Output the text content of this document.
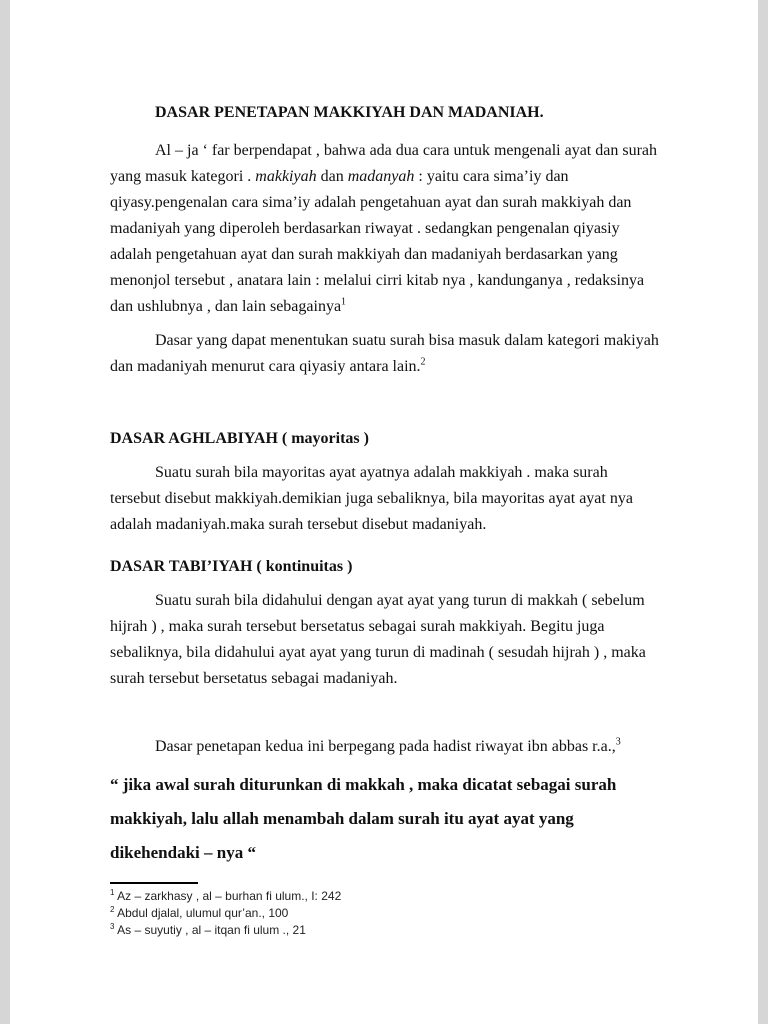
DASAR PENETAPAN MAKKIYAH DAN MADANIAH.

Al – ja ‘ far berpendapat , bahwa ada dua cara untuk mengenali ayat dan surah yang masuk kategori . makkiyah dan madanyah : yaitu cara sima’iy dan qiyasy.pengenalan cara sima’iy adalah pengetahuan ayat dan surah makkiyah dan madaniyah yang diperoleh berdasarkan riwayat . sedangkan pengenalan qiyasiy adalah pengetahuan ayat dan surah makkiyah dan madaniyah berdasarkan yang menonjol tersebut , anatara lain : melalui cirri kitab nya , kandunganya , redaksinya dan ushlubnya , dan lain sebagainya$^1$

Dasar yang dapat menentukan suatu surah bisa masuk dalam kategori makiyah dan madaniyah menurut cara qiyasiy antara lain.$^2$

DASAR AGHLABIYAH ( mayoritas )

Suatu surah bila mayoritas ayat ayatnya adalah makkiyah . maka surah tersebut disebut makkiyah.demikian juga sebaliknya, bila mayoritas ayat ayat nya adalah madaniyah.maka surah tersebut disebut madaniyah.

DASAR TABI’IYAH ( kontinuitas )

Suatu surah bila didahului dengan ayat ayat yang turun di makkah ( sebelum hijrah ) , maka surah tersebut bersetatus sebagai surah makkiyah. Begitu juga sebaliknya, bila didahului ayat ayat yang turun di madinah ( sesudah hijrah ) , maka surah tersebut bersetatus sebagai madaniyah.

Dasar penetapan kedua ini berpegang pada hadist riwayat ibn abbas r.a.,$^3$

“ jika awal surah diturunkan di makkah , maka dicatat sebagai surah makkiyah, lalu allah menambah dalam surah itu ayat ayat yang dikehendaki – nya “

$^1$ Az – zarkhasy , al – burhan fi ulum., I: 242

$^2$ Abdul djalal, ulumul qur’an., 100

$^3$ As – suyutiy , al – itqan fi ulum ., 21
